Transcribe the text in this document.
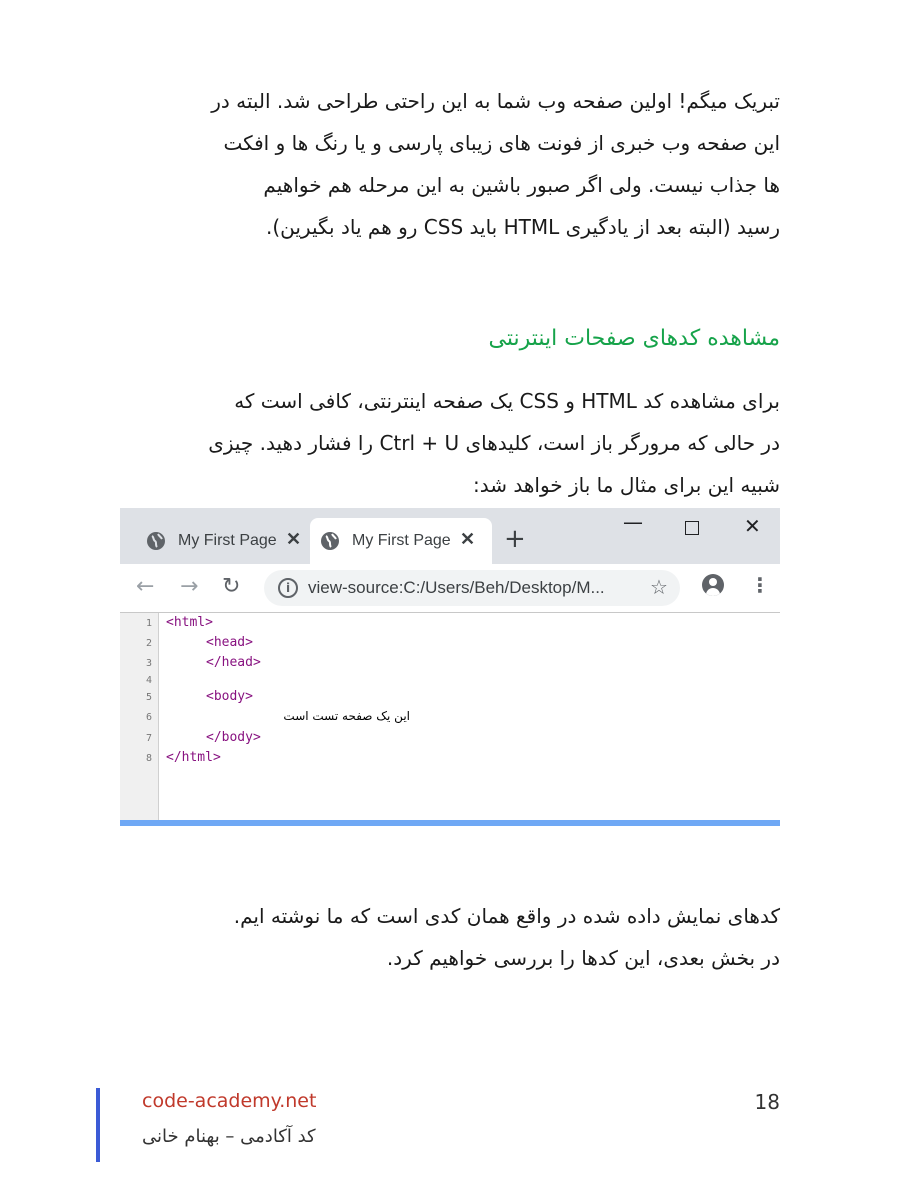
تبریک میگم! اولین صفحه وب شما به این راحتی طراحی شد. البته در
این صفحه وب خبری از فونت های زیبای پارسی و یا رنگ ها و افکت
ها جذاب نیست. ولی اگر صبور باشین به این مرحله هم خواهیم
رسید (البته بعد از یادگیری HTML باید CSS رو هم یاد بگیرین).
مشاهده کدهای صفحات اینترنتی
برای مشاهده کد HTML و CSS یک صفحه اینترنتی، کافی است که
در حالی که مرورگر باز است، کلیدهای Ctrl + U را فشار دهید. چیزی
شبیه این برای مثال ما باز خواهد شد:
My First Page ✕	My First Page ✕ +
—	✕
← → ↻	i	view-source:C:/Users/Beh/Desktop/M...	☆	⋮
1
2
3
4
5
6
7
8
<html>
<head>
</head>
<body>
این یک صفحه تست است
</body>
</html>
کدهای نمایش داده شده در واقع همان کدی است که ما نوشته ایم.
در بخش بعدی، این کدها را بررسی خواهیم کرد.
code-academy.net
کد آکادمی – بهنام خانی
18
